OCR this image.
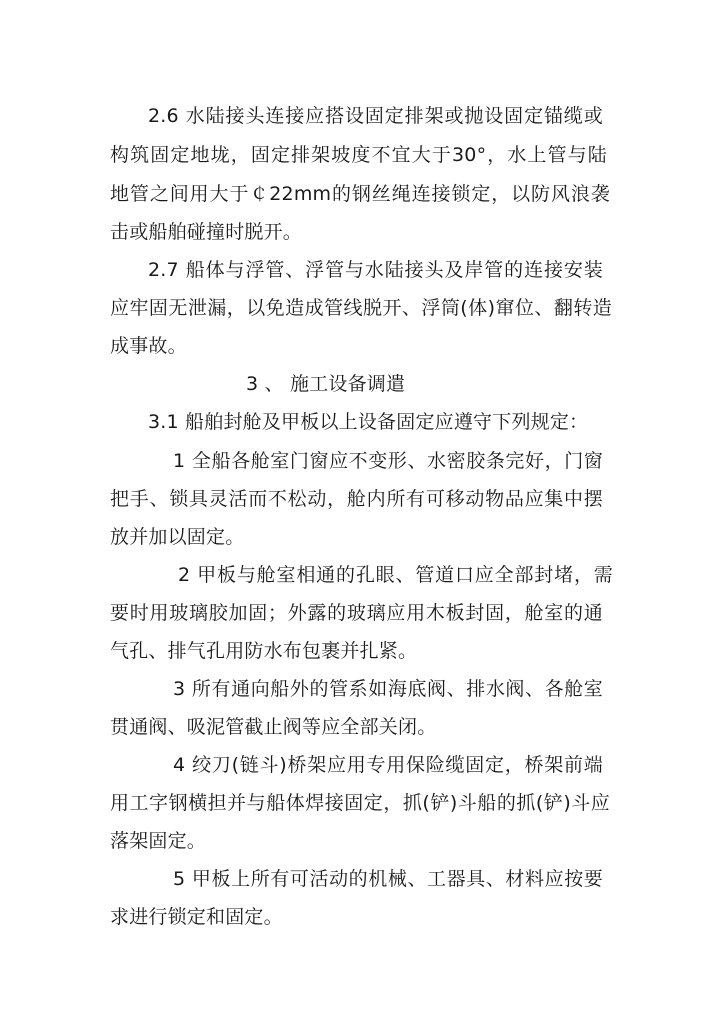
2.6 水陆接头连接应搭设固定排架或抛设固定锚缆或
构筑固定地垅，固定排架坡度不宜大于30°，水上管与陆
地管之间用大于￠22mm的钢丝绳连接锁定，以防风浪袭
击或船舶碰撞时脱开。
2.7 船体与浮管、浮管与水陆接头及岸管的连接安装
应牢固无泄漏，以免造成管线脱开、浮筒(体)窜位、翻转造
成事故。
3 、 施工设备调遣
3.1 船舶封舱及甲板以上设备固定应遵守下列规定：
1 全船各舱室门窗应不变形、水密胶条完好，门窗
把手、锁具灵活而不松动，舱内所有可移动物品应集中摆
放并加以固定。
2 甲板与舱室相通的孔眼、管道口应全部封堵，需
要时用玻璃胶加固；外露的玻璃应用木板封固，舱室的通
气孔、排气孔用防水布包裹并扎紧。
3 所有通向船外的管系如海底阀、排水阀、各舱室
贯通阀、吸泥管截止阀等应全部关闭。
4 绞刀(链斗)桥架应用专用保险缆固定，桥架前端
用工字钢横担并与船体焊接固定，抓(铲)斗船的抓(铲)斗应
落架固定。
5 甲板上所有可活动的机械、工器具、材料应按要
求进行锁定和固定。
